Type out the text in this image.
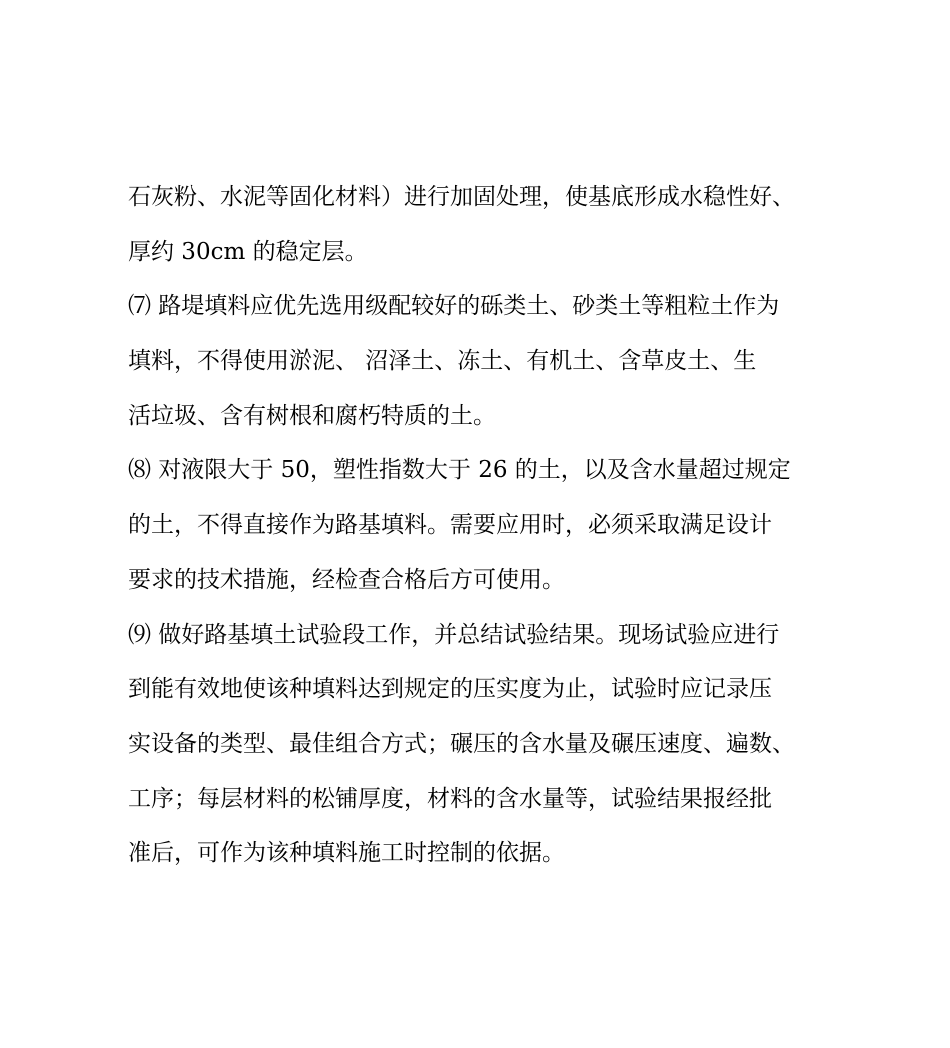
石灰粉、水泥等固化材料）进行加固处理，使基底形成水稳性好、
厚约 30cm 的稳定层。
⑺ 路堤填料应优先选用级配较好的砾类土、砂类土等粗粒土作为
填料，不得使用淤泥、 沼泽土、冻土、有机土、含草皮土、生
活垃圾、含有树根和腐朽特质的土。
⑻ 对液限大于 50，塑性指数大于 26 的土，以及含水量超过规定
的土，不得直接作为路基填料。需要应用时，必须采取满足设计
要求的技术措施，经检查合格后方可使用。
⑼ 做好路基填土试验段工作，并总结试验结果。现场试验应进行
到能有效地使该种填料达到规定的压实度为止，试验时应记录压
实设备的类型、最佳组合方式；碾压的含水量及碾压速度、遍数、
工序；每层材料的松铺厚度，材料的含水量等，试验结果报经批
准后，可作为该种填料施工时控制的依据。
